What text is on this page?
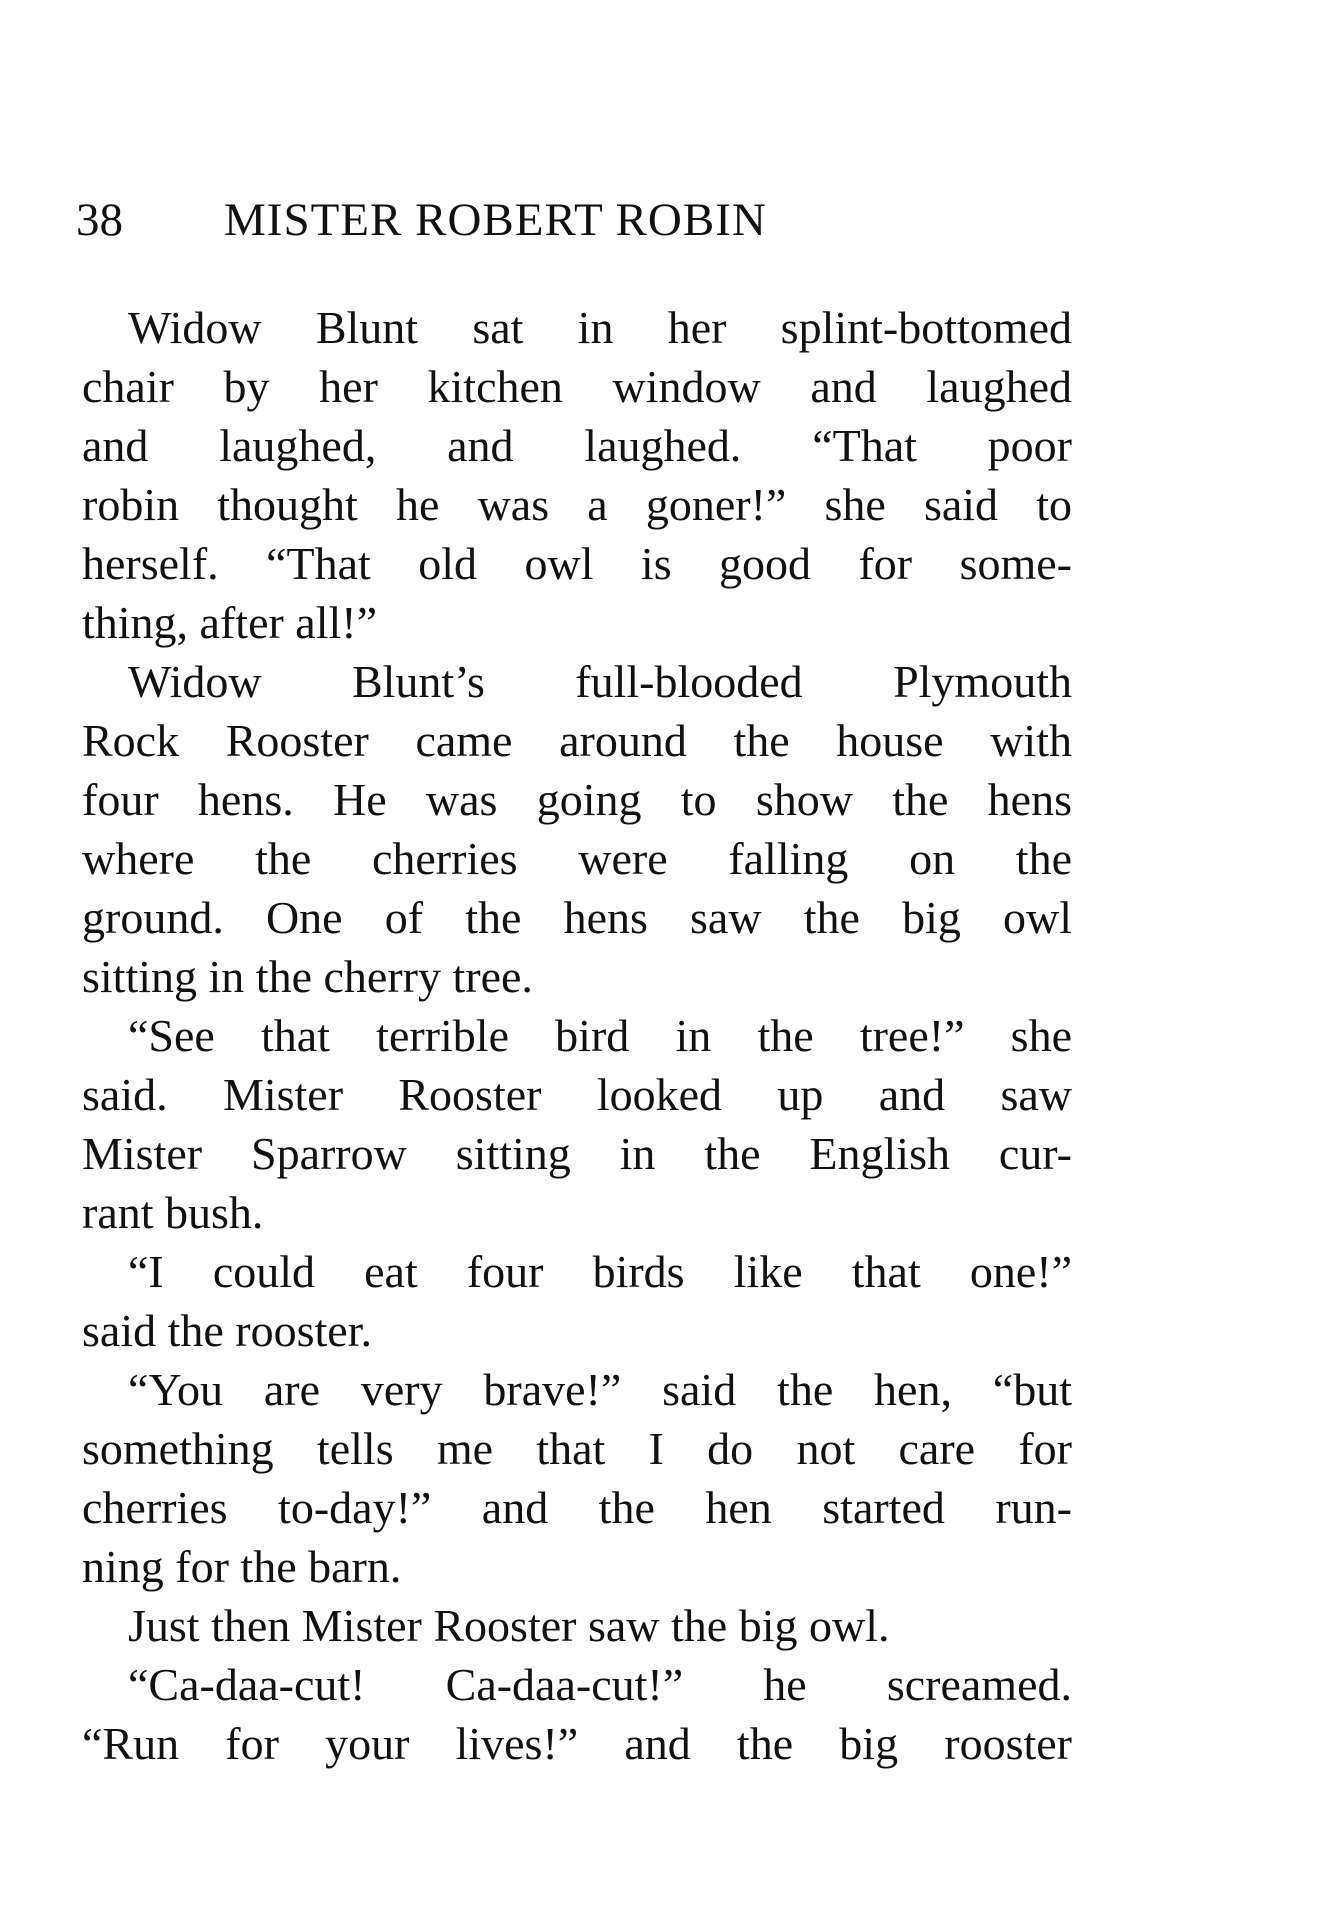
38 MISTER ROBERT ROBIN
Widow Blunt sat in her splint-bottomed
chair by her kitchen window and laughed
and laughed, and laughed. “That poor
robin thought he was a goner!” she said to
herself. “That old owl is good for some-
thing, after all!”
Widow Blunt’s full-blooded Plymouth
Rock Rooster came around the house with
four hens. He was going to show the hens
where the cherries were falling on the
ground. One of the hens saw the big owl
sitting in the cherry tree.
“See that terrible bird in the tree!” she
said. Mister Rooster looked up and saw
Mister Sparrow sitting in the English cur-
rant bush.
“I could eat four birds like that one!”
said the rooster.
“You are very brave!” said the hen, “but
something tells me that I do not care for
cherries to-day!” and the hen started run-
ning for the barn.
Just then Mister Rooster saw the big owl.
“Ca-daa-cut! Ca-daa-cut!” he screamed.
“Run for your lives!” and the big rooster
